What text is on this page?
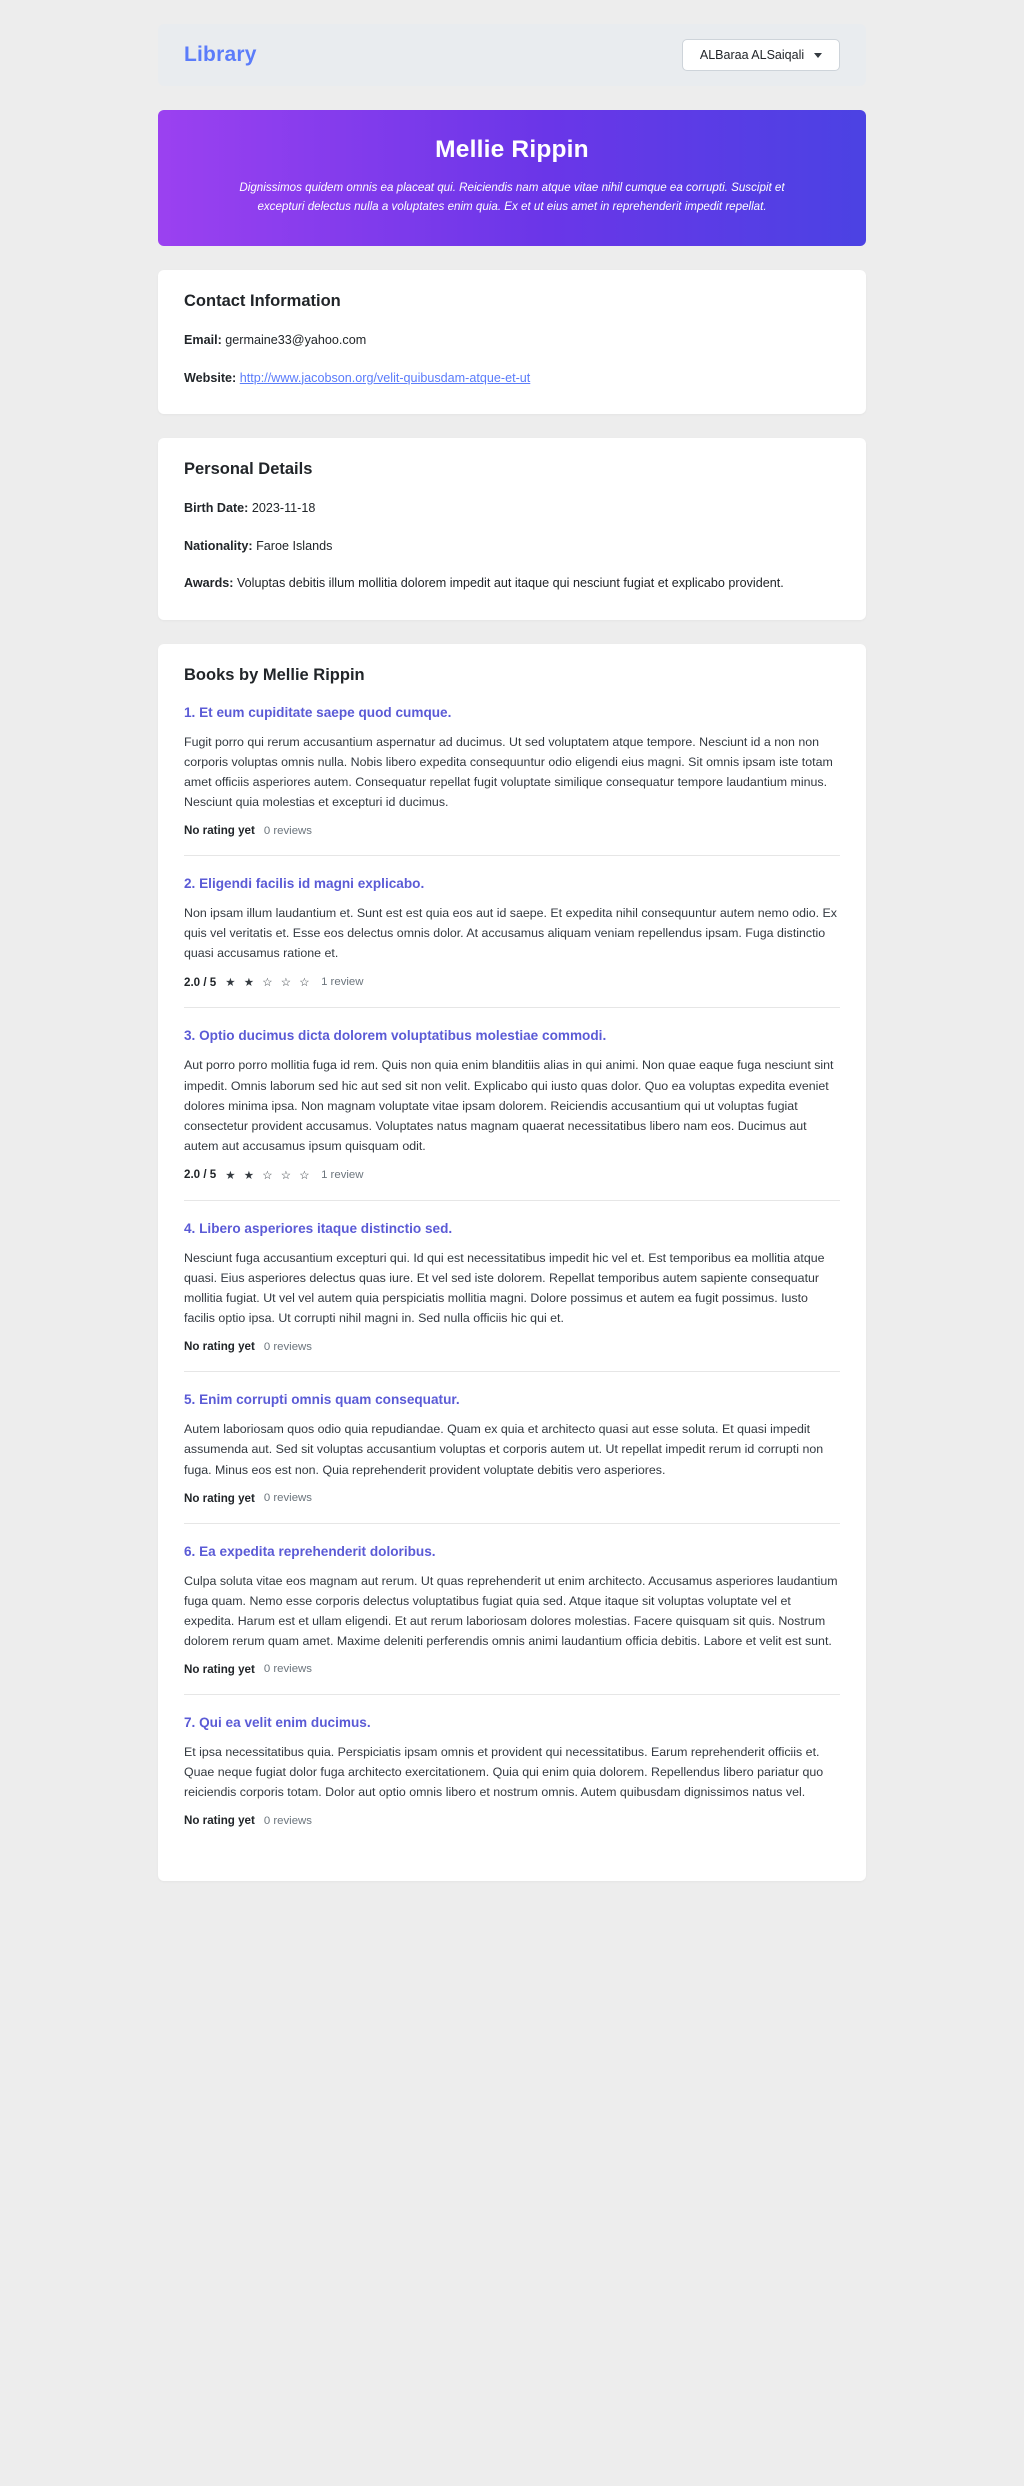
Library	ALBaraa ALSaiqali
Mellie Rippin

Dignissimos quidem omnis ea placeat qui. Reiciendis nam atque vitae nihil cumque ea corrupti. Suscipit et excepturi delectus nulla a voluptates enim quia. Ex et ut eius amet in reprehenderit impedit repellat.

Contact Information

Email: germaine33@yahoo.com

Website: http://www.jacobson.org/velit-quibusdam-atque-et-ut

Personal Details

Birth Date: 2023-11-18

Nationality: Faroe Islands

Awards: Voluptas debitis illum mollitia dolorem impedit aut itaque qui nesciunt fugiat et explicabo provident.

Books by Mellie Rippin
1. Et eum cupiditate saepe quod cumque.

Fugit porro qui rerum accusantium aspernatur ad ducimus. Ut sed voluptatem atque tempore. Nesciunt id a non non corporis voluptas omnis nulla. Nobis libero expedita consequuntur odio eligendi eius magni. Sit omnis ipsam iste totam amet officiis asperiores autem. Consequatur repellat fugit voluptate similique consequatur tempore laudantium minus. Nesciunt quia molestias et excepturi id ducimus.

No rating yet 0 reviews
2. Eligendi facilis id magni explicabo.

Non ipsam illum laudantium et. Sunt est est quia eos aut id saepe. Et expedita nihil consequuntur autem nemo odio. Ex quis vel veritatis et. Esse eos delectus omnis dolor. At accusamus aliquam veniam repellendus ipsam. Fuga distinctio quasi accusamus ratione et.

2.0 / 5 ★ ★ ☆ ☆ ☆ 1 review
3. Optio ducimus dicta dolorem voluptatibus molestiae commodi.

Aut porro porro mollitia fuga id rem. Quis non quia enim blanditiis alias in qui animi. Non quae eaque fuga nesciunt sint impedit. Omnis laborum sed hic aut sed sit non velit. Explicabo qui iusto quas dolor. Quo ea voluptas expedita eveniet dolores minima ipsa. Non magnam voluptate vitae ipsam dolorem. Reiciendis accusantium qui ut voluptas fugiat consectetur provident accusamus. Voluptates natus magnam quaerat necessitatibus libero nam eos. Ducimus aut autem aut accusamus ipsum quisquam odit.

2.0 / 5 ★ ★ ☆ ☆ ☆ 1 review
4. Libero asperiores itaque distinctio sed.

Nesciunt fuga accusantium excepturi qui. Id qui est necessitatibus impedit hic vel et. Est temporibus ea mollitia atque quasi. Eius asperiores delectus quas iure. Et vel sed iste dolorem. Repellat temporibus autem sapiente consequatur mollitia fugiat. Ut vel vel autem quia perspiciatis mollitia magni. Dolore possimus et autem ea fugit possimus. Iusto facilis optio ipsa. Ut corrupti nihil magni in. Sed nulla officiis hic qui et.

No rating yet 0 reviews
5. Enim corrupti omnis quam consequatur.

Autem laboriosam quos odio quia repudiandae. Quam ex quia et architecto quasi aut esse soluta. Et quasi impedit assumenda aut. Sed sit voluptas accusantium voluptas et corporis autem ut. Ut repellat impedit rerum id corrupti non fuga. Minus eos est non. Quia reprehenderit provident voluptate debitis vero asperiores.

No rating yet 0 reviews
6. Ea expedita reprehenderit doloribus.

Culpa soluta vitae eos magnam aut rerum. Ut quas reprehenderit ut enim architecto. Accusamus asperiores laudantium fuga quam. Nemo esse corporis delectus voluptatibus fugiat quia sed. Atque itaque sit voluptas voluptate vel et expedita. Harum est et ullam eligendi. Et aut rerum laboriosam dolores molestias. Facere quisquam sit quis. Nostrum dolorem rerum quam amet. Maxime deleniti perferendis omnis animi laudantium officia debitis. Labore et velit est sunt.

No rating yet 0 reviews
7. Qui ea velit enim ducimus.

Et ipsa necessitatibus quia. Perspiciatis ipsam omnis et provident qui necessitatibus. Earum reprehenderit officiis et. Quae neque fugiat dolor fuga architecto exercitationem. Quia qui enim quia dolorem. Repellendus libero pariatur quo reiciendis corporis totam. Dolor aut optio omnis libero et nostrum omnis. Autem quibusdam dignissimos natus vel.

No rating yet 0 reviews
